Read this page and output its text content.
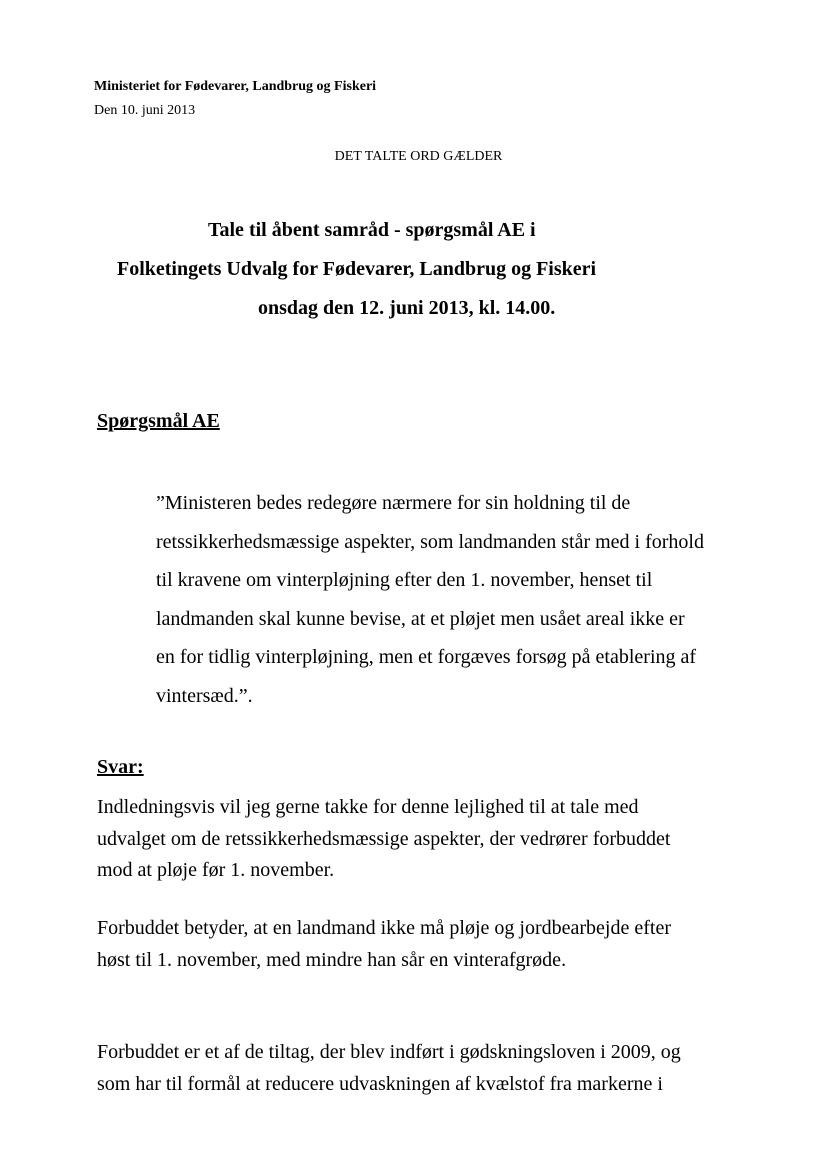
Ministeriet for Fødevarer, Landbrug og Fiskeri
Den 10. juni 2013
DET TALTE ORD GÆLDER
Tale til åbent samråd - spørgsmål AE i
Folketingets Udvalg for Fødevarer, Landbrug og Fiskeri
onsdag den 12. juni 2013, kl. 14.00.
Spørgsmål AE
”Ministeren bedes redegøre nærmere for sin holdning til de
retssikkerhedsmæssige aspekter, som landmanden står med i forhold
til kravene om vinterpløjning efter den 1. november, henset til
landmanden skal kunne bevise, at et pløjet men usået areal ikke er
en for tidlig vinterpløjning, men et forgæves forsøg på etablering af
vintersæd.”.
Svar:
Indledningsvis vil jeg gerne takke for denne lejlighed til at tale med
udvalget om de retssikkerhedsmæssige aspekter, der vedrører forbuddet
mod at pløje før 1. november.
Forbuddet betyder, at en landmand ikke må pløje og jordbearbejde efter
høst til 1. november, med mindre han sår en vinterafgrøde.
Forbuddet er et af de tiltag, der blev indført i gødskningsloven i 2009, og
som har til formål at reducere udvaskningen af kvælstof fra markerne i
